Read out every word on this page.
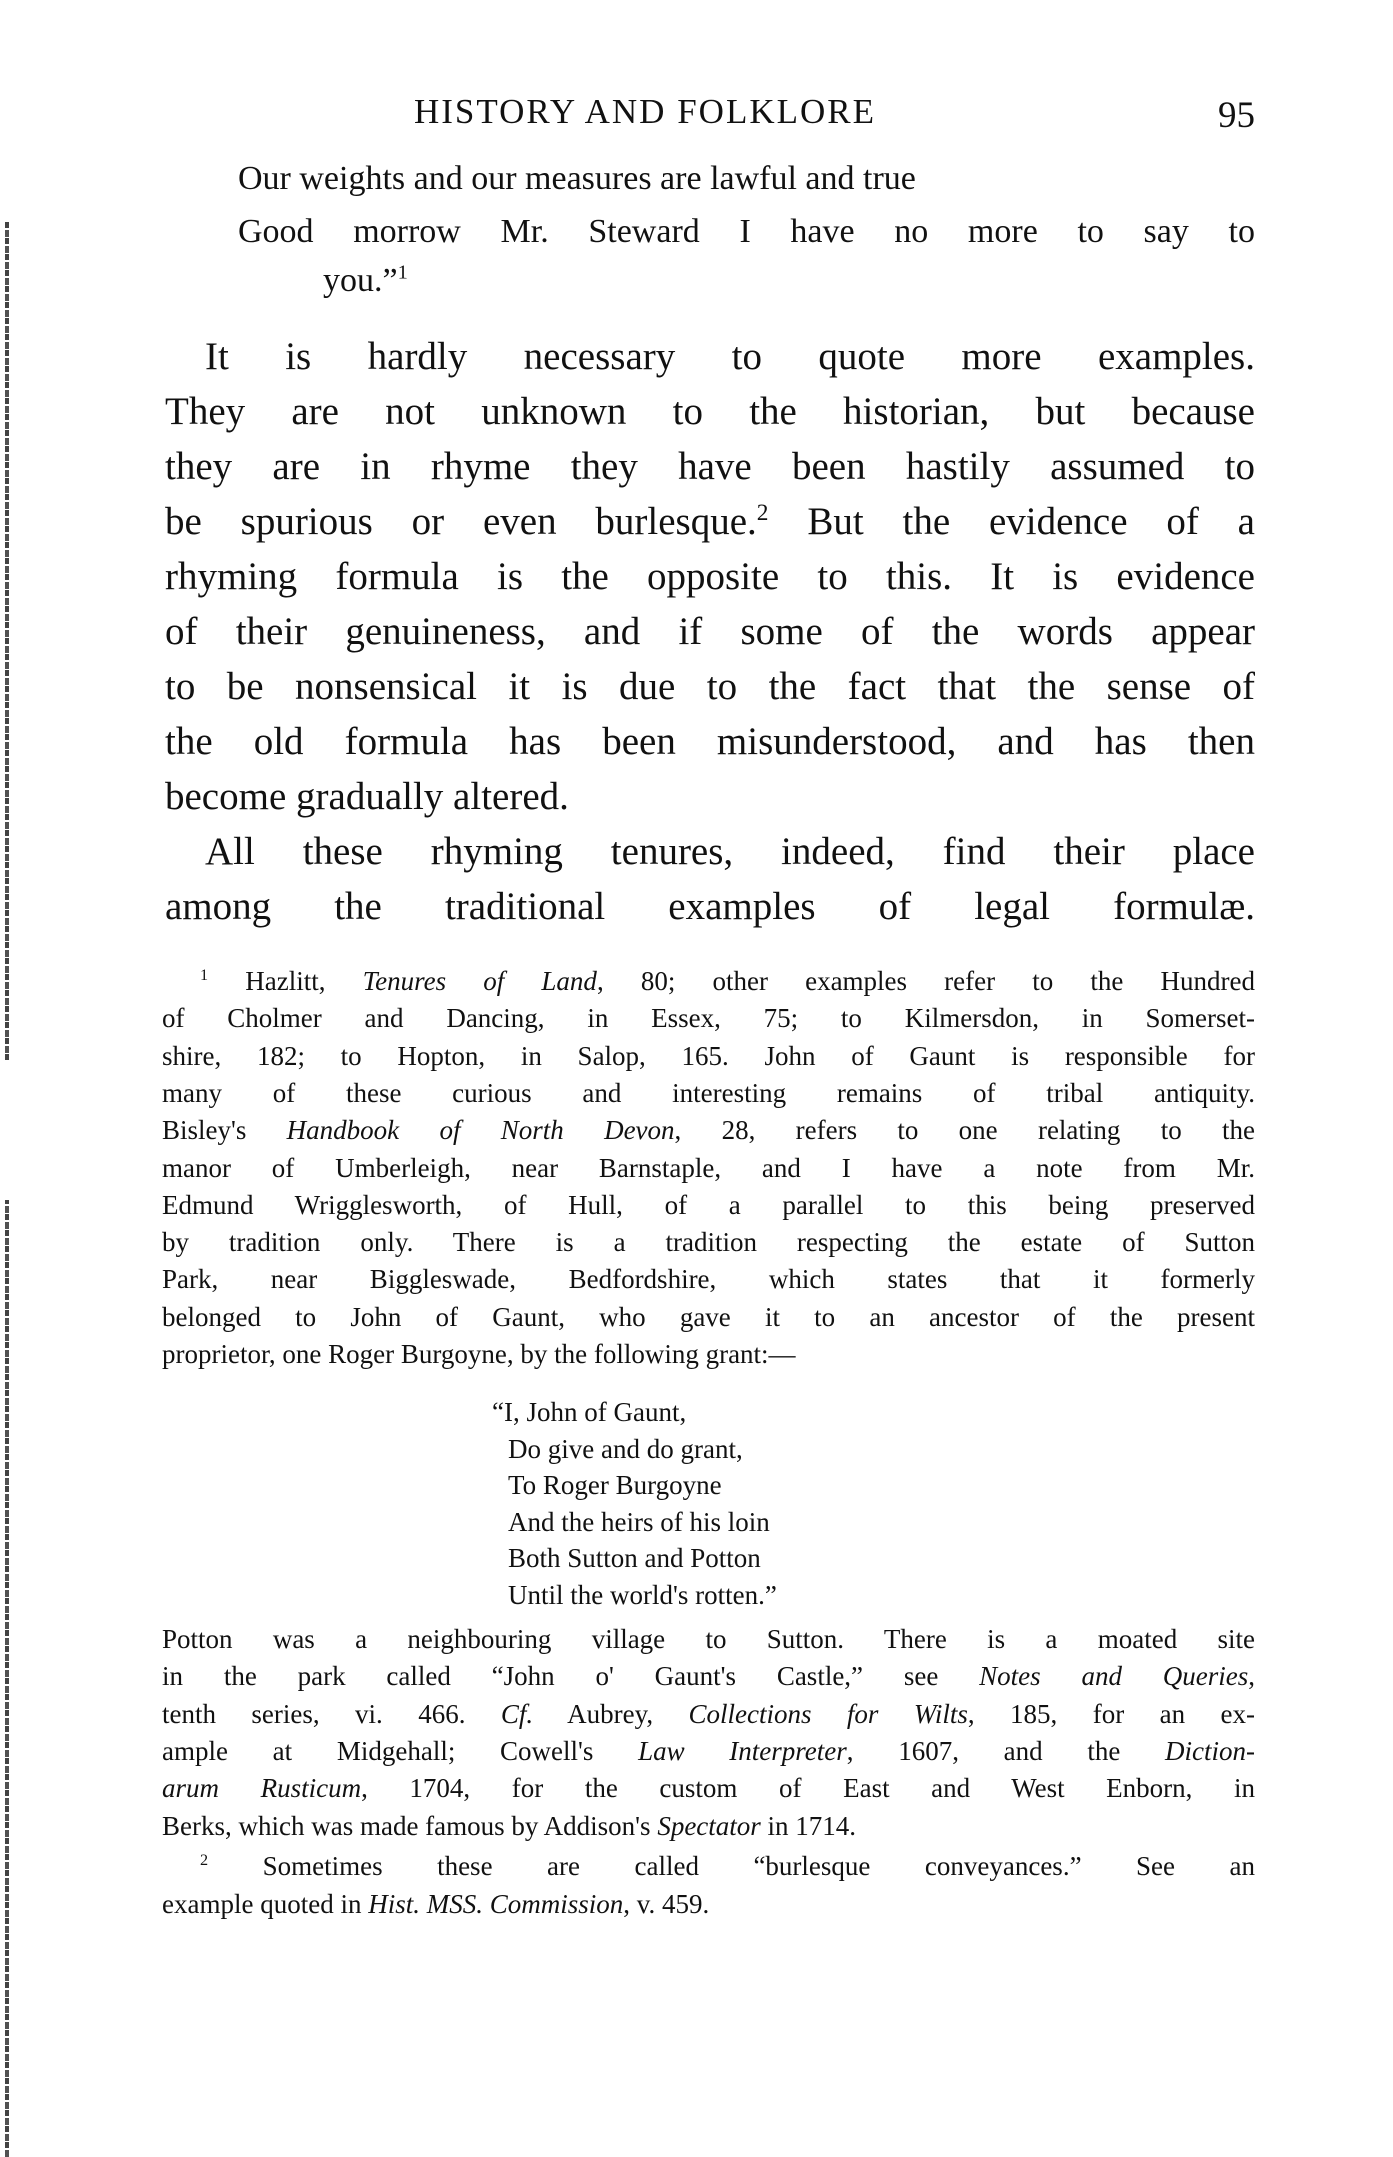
HISTORY AND FOLKLORE	95
Our weights and our measures are lawful and true
Good morrow Mr. Steward I have no more to say to
you.”$^1$
It is hardly necessary to quote more examples.
They are not unknown to the historian, but because
they are in rhyme they have been hastily assumed to
be spurious or even burlesque.$^2$ But the evidence of a
rhyming formula is the opposite to this. It is evidence
of their genuineness, and if some of the words appear
to be nonsensical it is due to the fact that the sense of
the old formula has been misunderstood, and has then
become gradually altered.
All these rhyming tenures, indeed, find their place
among the traditional examples of legal formulæ.
$^1$ Hazlitt, Tenures of Land, 80; other examples refer to the Hundred
of Cholmer and Dancing, in Essex, 75; to Kilmersdon, in Somerset-
shire, 182; to Hopton, in Salop, 165. John of Gaunt is responsible for
many of these curious and interesting remains of tribal antiquity.
Bisley's Handbook of North Devon, 28, refers to one relating to the
manor of Umberleigh, near Barnstaple, and I have a note from Mr.
Edmund Wrigglesworth, of Hull, of a parallel to this being preserved
by tradition only. There is a tradition respecting the estate of Sutton
Park, near Biggleswade, Bedfordshire, which states that it formerly
belonged to John of Gaunt, who gave it to an ancestor of the present
proprietor, one Roger Burgoyne, by the following grant:—
“I, John of Gaunt,
Do give and do grant,
To Roger Burgoyne
And the heirs of his loin
Both Sutton and Potton
Until the world's rotten.”
Potton was a neighbouring village to Sutton. There is a moated site
in the park called “John o' Gaunt's Castle,” see Notes and Queries,
tenth series, vi. 466. Cf. Aubrey, Collections for Wilts, 185, for an ex-
ample at Midgehall; Cowell's Law Interpreter, 1607, and the Diction-
arum Rusticum, 1704, for the custom of East and West Enborn, in
Berks, which was made famous by Addison's Spectator in 1714.
$^2$ Sometimes these are called “burlesque conveyances.” See an
example quoted in Hist. MSS. Commission, v. 459.
